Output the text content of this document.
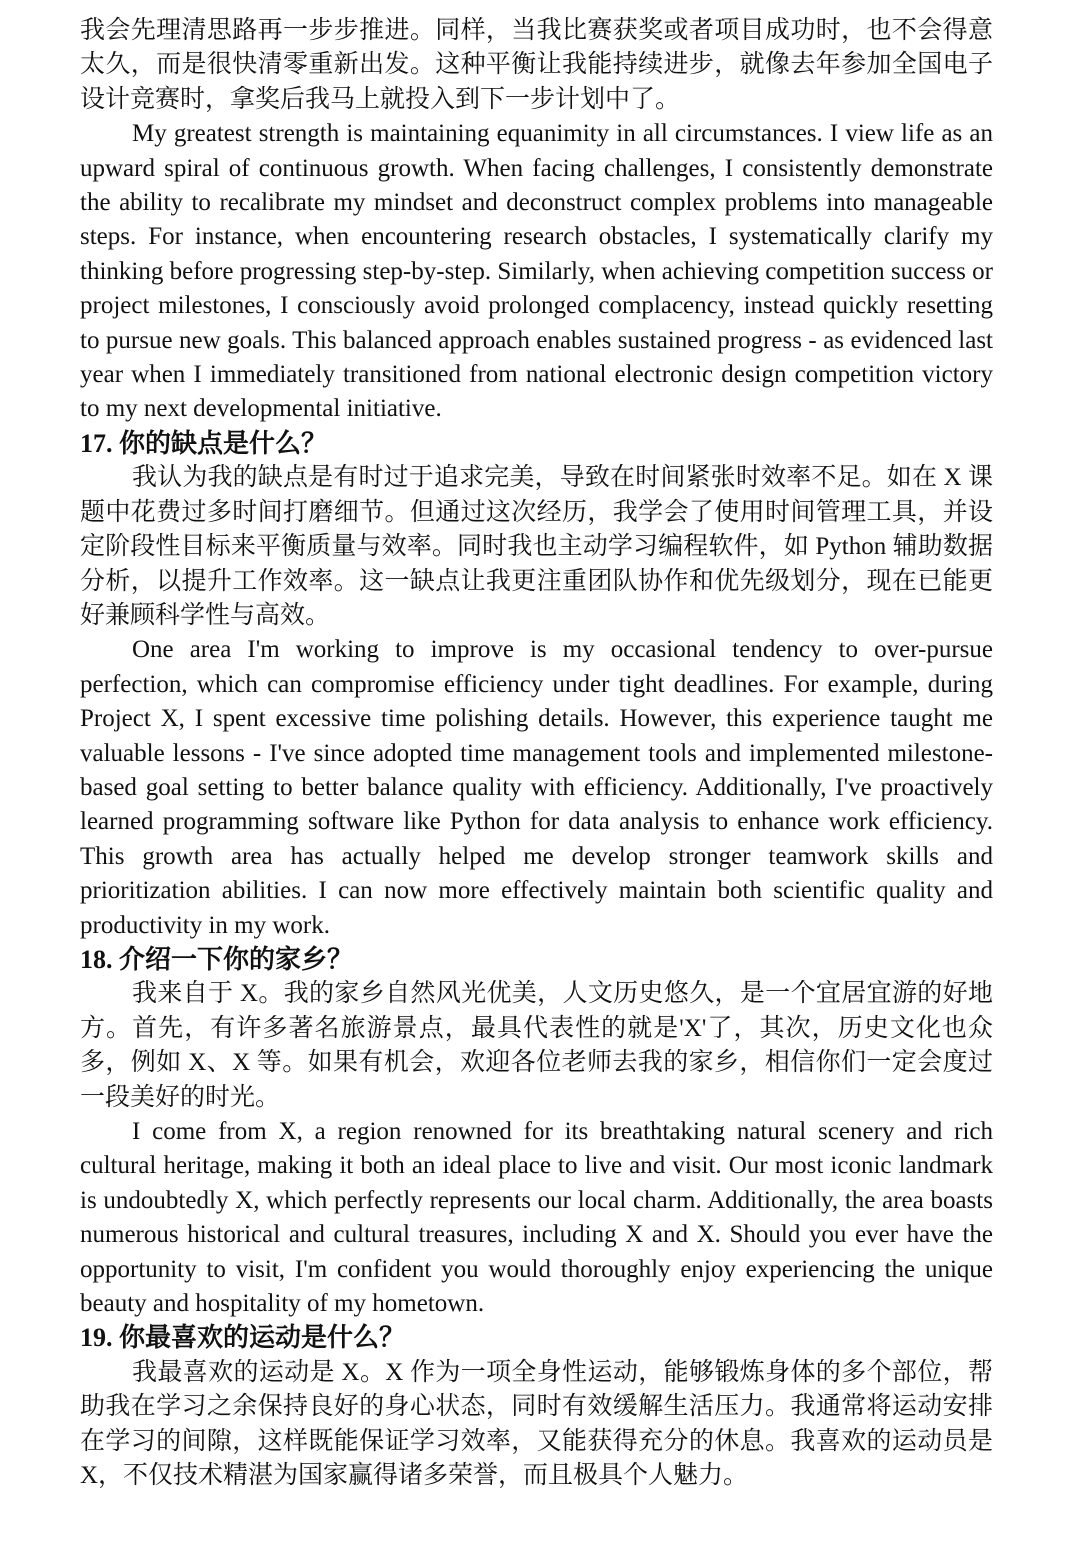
我会先理清思路再一步步推进。同样，当我比赛获奖或者项目成功时，也不会得意太久，而是很快清零重新出发。这种平衡让我能持续进步，就像去年参加全国电子设计竞赛时，拿奖后我马上就投入到下一步计划中了。

My greatest strength is maintaining equanimity in all circumstances. I view life as an upward spiral of continuous growth. When facing challenges, I consistently demonstrate the ability to recalibrate my mindset and deconstruct complex problems into manageable steps. For instance, when encountering research obstacles, I systematically clarify my thinking before progressing step-by-step. Similarly, when achieving competition success or project milestones, I consciously avoid prolonged complacency, instead quickly resetting to pursue new goals. This balanced approach enables sustained progress - as evidenced last year when I immediately transitioned from national electronic design competition victory to my next developmental initiative.

17. 你的缺点是什么？

我认为我的缺点是有时过于追求完美，导致在时间紧张时效率不足。如在 X 课题中花费过多时间打磨细节。但通过这次经历，我学会了使用时间管理工具，并设定阶段性目标来平衡质量与效率。同时我也主动学习编程软件，如 Python 辅助数据分析，以提升工作效率。这一缺点让我更注重团队协作和优先级划分，现在已能更好兼顾科学性与高效。

One area I'm working to improve is my occasional tendency to over-pursue perfection, which can compromise efficiency under tight deadlines. For example, during Project X, I spent excessive time polishing details. However, this experience taught me valuable lessons - I've since adopted time management tools and implemented milestone-based goal setting to better balance quality with efficiency. Additionally, I've proactively learned programming software like Python for data analysis to enhance work efficiency. This growth area has actually helped me develop stronger teamwork skills and prioritization abilities. I can now more effectively maintain both scientific quality and productivity in my work.

18. 介绍一下你的家乡？

我来自于 X。我的家乡自然风光优美，人文历史悠久，是一个宜居宜游的好地方。首先，有许多著名旅游景点，最具代表性的就是'X'了，其次，历史文化也众多，例如 X、X 等。如果有机会，欢迎各位老师去我的家乡，相信你们一定会度过一段美好的时光。

I come from X, a region renowned for its breathtaking natural scenery and rich cultural heritage, making it both an ideal place to live and visit. Our most iconic landmark is undoubtedly X, which perfectly represents our local charm. Additionally, the area boasts numerous historical and cultural treasures, including X and X. Should you ever have the opportunity to visit, I'm confident you would thoroughly enjoy experiencing the unique beauty and hospitality of my hometown.

19. 你最喜欢的运动是什么？

我最喜欢的运动是 X。X 作为一项全身性运动，能够锻炼身体的多个部位，帮助我在学习之余保持良好的身心状态，同时有效缓解生活压力。我通常将运动安排在学习的间隙，这样既能保证学习效率，又能获得充分的休息。我喜欢的运动员是 X，不仅技术精湛为国家赢得诸多荣誉，而且极具个人魅力。
